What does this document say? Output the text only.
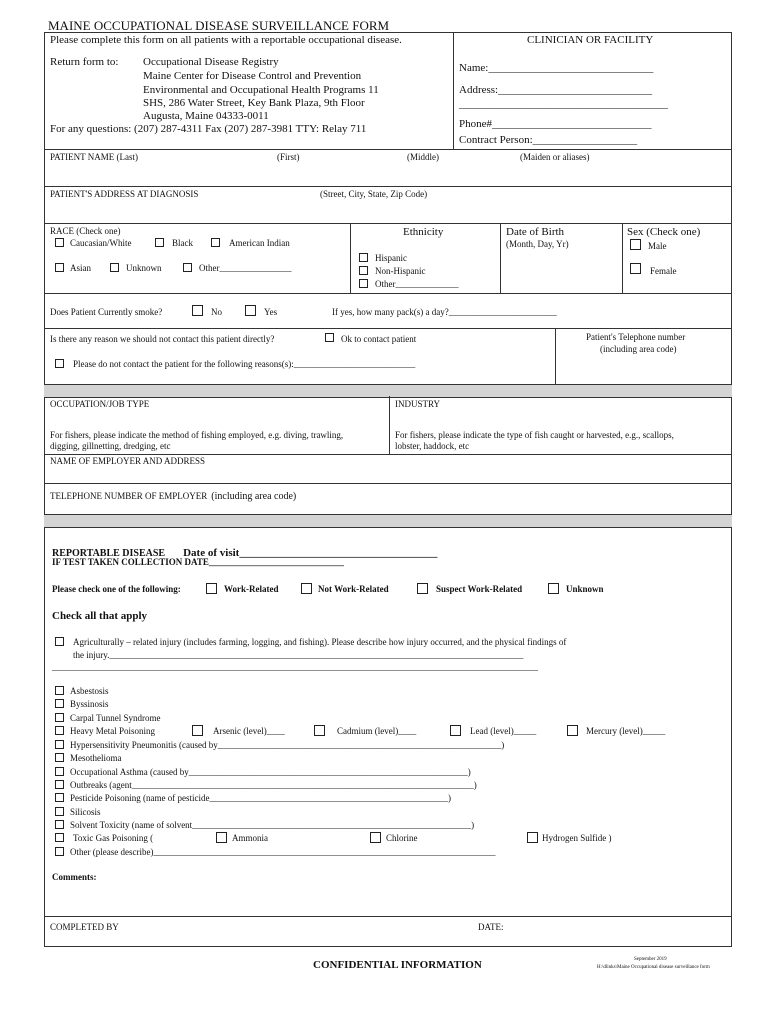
MAINE OCCUPATIONAL DISEASE SURVEILLANCE FORM
Please complete this form on all patients with a reportable occupational disease.	CLINICIAN OR FACILITY
Return form to: Occupational Disease Registry
Maine Center for Disease Control and Prevention
Environmental and Occupational Health Programs 11
SHS, 286 Water Street, Key Bank Plaza, 9th Floor
Augusta, Maine 04333-0011
For any questions: (207) 287-4311 Fax (207) 287-3981 TTY: Relay 711
Name:______________________________
Address:____________________________
______________________________________
Phone#_____________________________
Contract Person:___________________
PATIENT NAME (Last)	(First)	(Middle)	(Maiden or aliases)
PATIENT'S ADDRESS AT DIAGNOSIS	(Street, City, State, Zip Code)
RACE (Check one)
Caucasian/White	Black	American Indian
Asian	Unknown	Other________________
Ethnicity
Hispanic
Non-Hispanic
Other______________
Date of Birth
(Month, Day, Yr)
Sex (Check one)
Male
Female
Does Patient Currently smoke?	No	Yes	If yes, how many pack(s) a day?________________________
Is there any reason we should not contact this patient directly?	Ok to contact patient	Patient's Telephone number
(including area code)
Please do not contact the patient for the following reasons(s):___________________________
OCCUPATION/JOB TYPE	INDUSTRY
For fishers, please indicate the method of fishing employed, e.g. diving, trawling,
digging, gillnetting, dredging, etc
For fishers, please indicate the type of fish caught or harvested, e.g., scallops,
lobster, haddock, etc
NAME OF EMPLOYER AND ADDRESS
TELEPHONE NUMBER OF EMPLOYER (including area code)
REPORTABLE DISEASE Date of visit____________________________________
IF TEST TAKEN COLLECTION DATE______________________________
Please check one of the following:	Work-Related	Not Work-Related	Suspect Work-Related	Unknown
Check all that apply
Agriculturally – related injury (includes farming, logging, and fishing). Please describe how injury occurred, and the physical findings of
the injury.____________________________________________________________________________________________
____________________________________________________________________________________________________________
Asbestosis
Byssinosis
Carpal Tunnel Syndrome
Heavy Metal Poisoning	Arsenic (level)____	Cadmium (level)____	Lead (level)_____	Mercury (level)_____
Hypersensitivity Pneumonitis (caused by_______________________________________________________________)
Mesothelioma
Occupational Asthma (caused by______________________________________________________________)
Outbreaks (agent____________________________________________________________________________)
Pesticide Poisoning (name of pesticide_____________________________________________________)
Silicosis
Solvent Toxicity (name of solvent______________________________________________________________)
Toxic Gas Poisoning (	Ammonia	Chlorine	Hydrogen Sulfide )
Other (please describe)____________________________________________________________________________
Comments:
COMPLETED BY	DATE:
CONFIDENTIAL INFORMATION	September 2019
H:\dlinks\Maine Occupational disease surveillance form
